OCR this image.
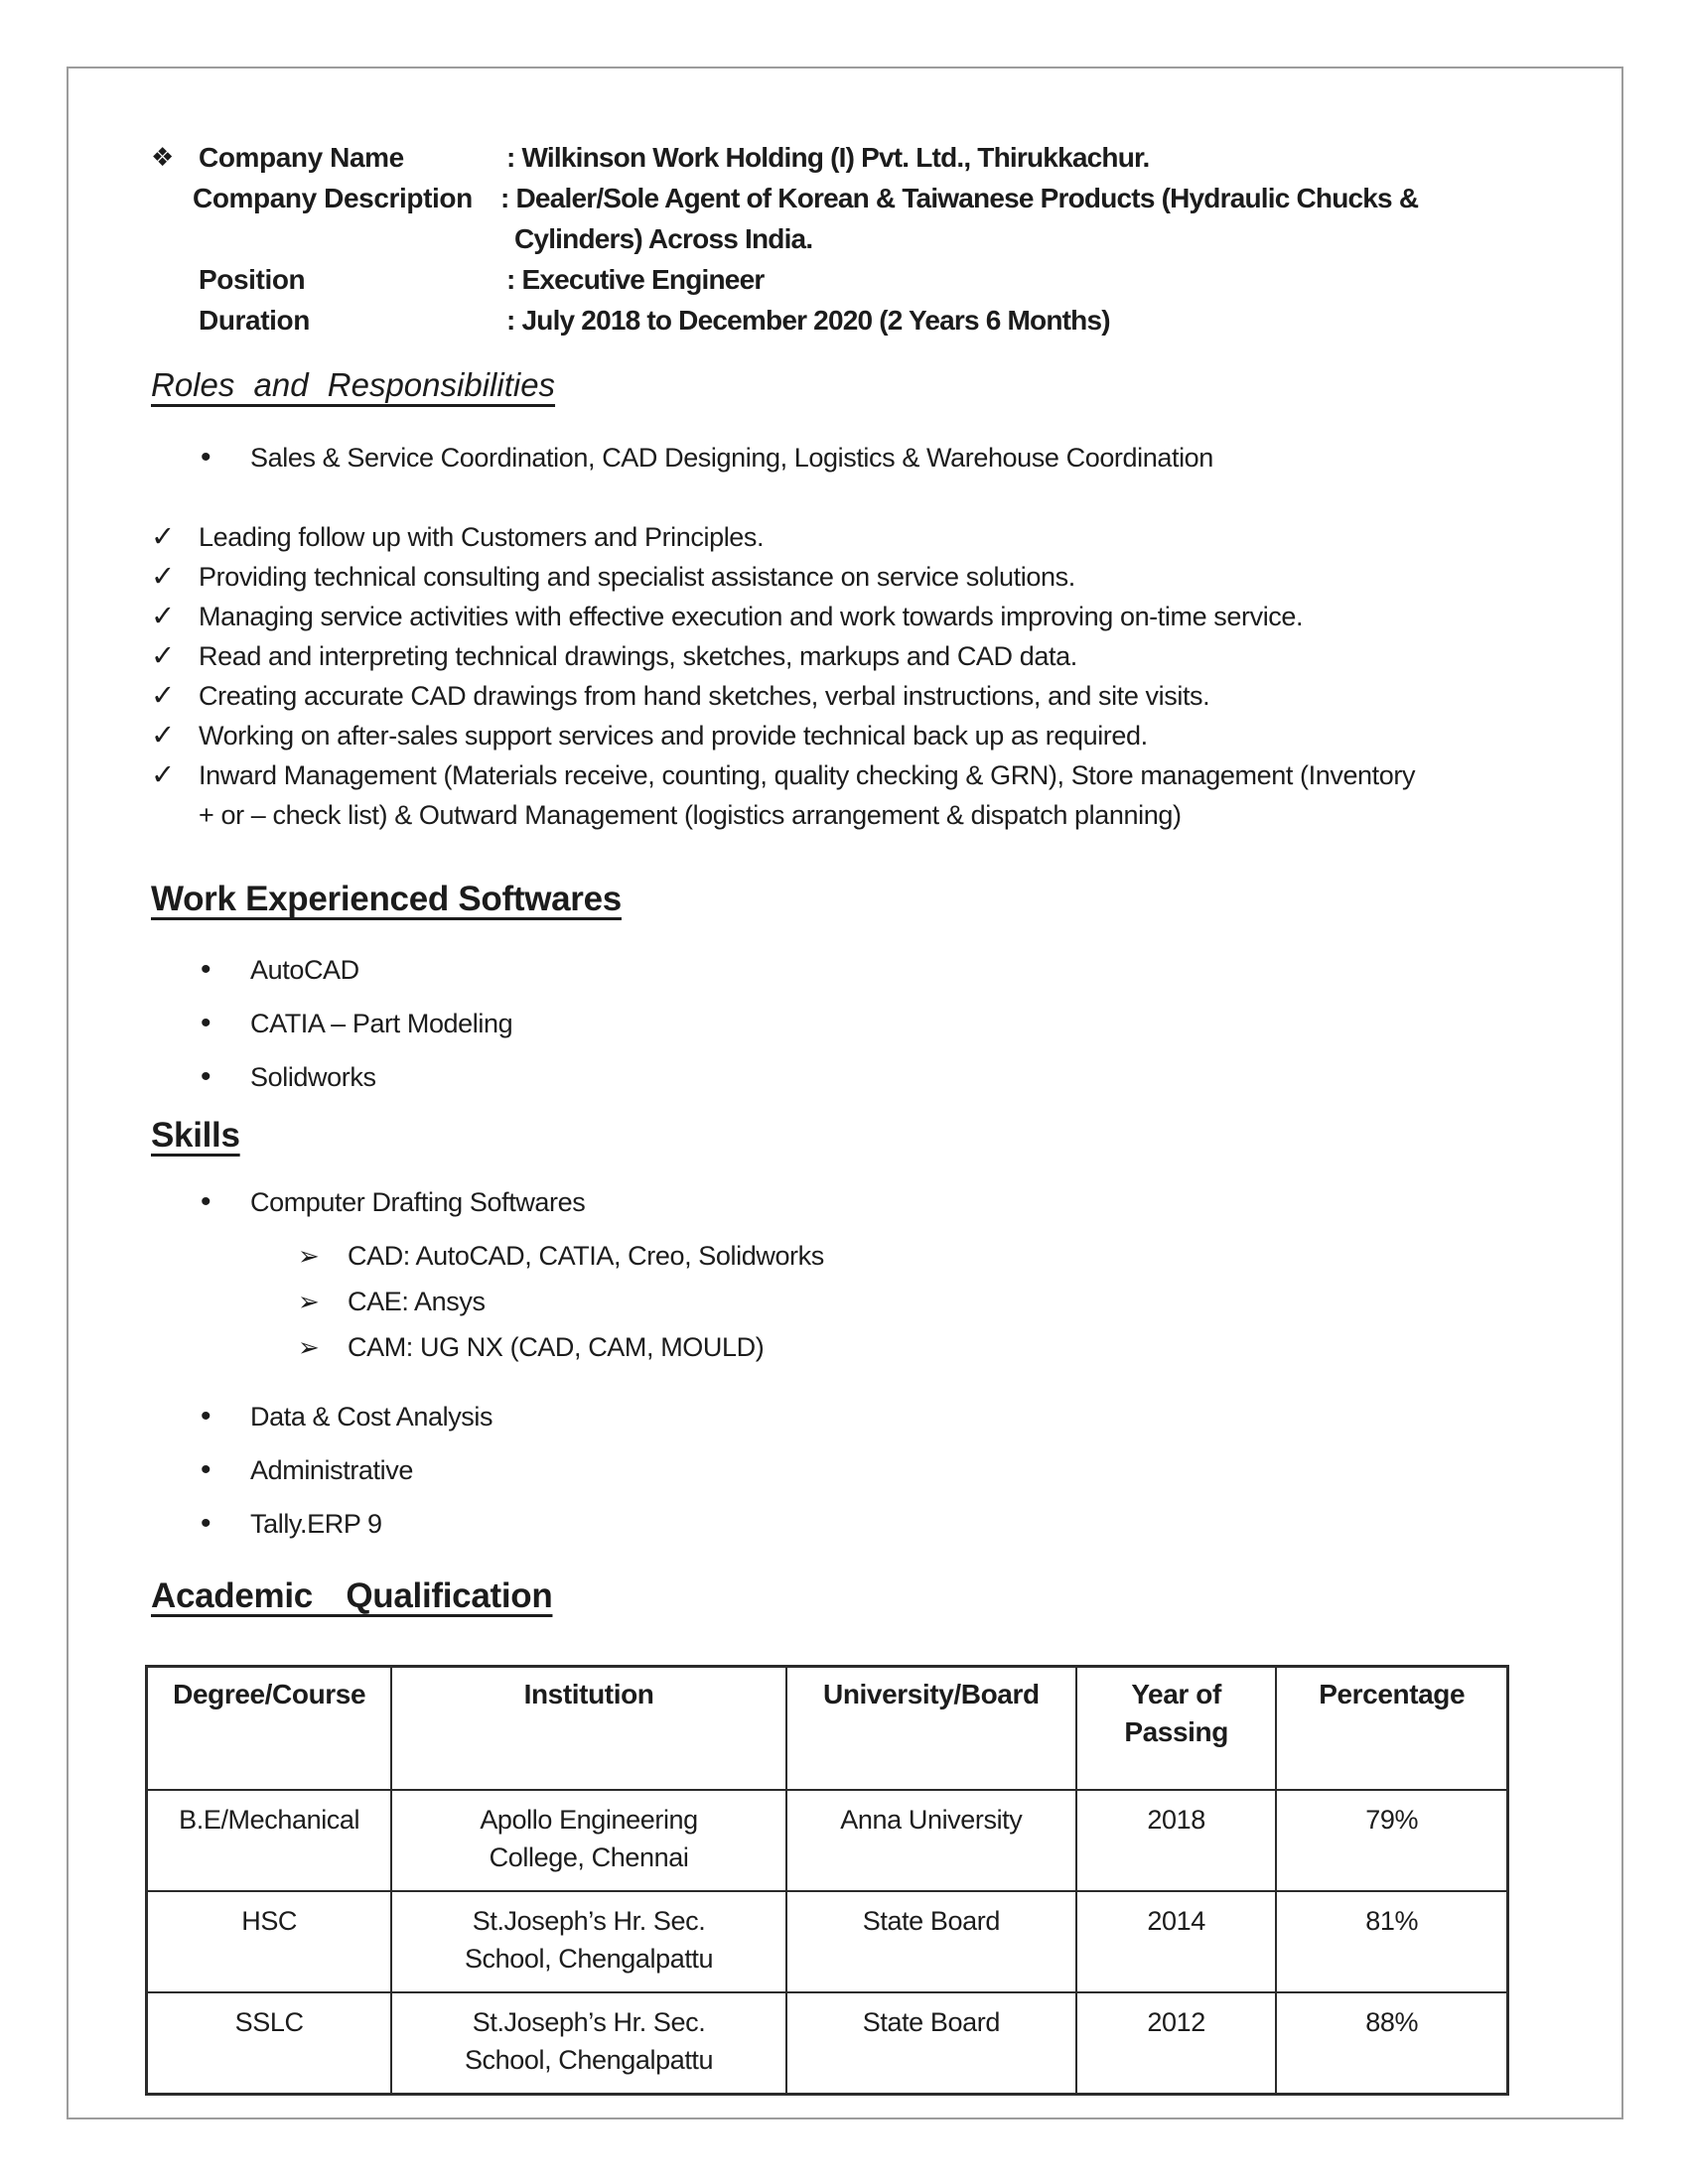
❖ Company Name	: Wilkinson Work Holding (I) Pvt. Ltd., Thirukkachur.
Company Description	: Dealer/Sole Agent of Korean & Taiwanese Products (Hydraulic Chucks & Cylinders) Across India.
Position	: Executive Engineer
Duration	: July 2018 to December 2020 (2 Years 6 Months)
Roles and Responsibilities
•	Sales & Service Coordination, CAD Designing, Logistics & Warehouse Coordination
✓ Leading follow up with Customers and Principles.
✓ Providing technical consulting and specialist assistance on service solutions.
✓ Managing service activities with effective execution and work towards improving on-time service.
✓ Read and interpreting technical drawings, sketches, markups and CAD data.
✓ Creating accurate CAD drawings from hand sketches, verbal instructions, and site visits.
✓ Working on after-sales support services and provide technical back up as required.
✓ Inward Management (Materials receive, counting, quality checking & GRN), Store management (Inventory + or – check list) & Outward Management (logistics arrangement & dispatch planning)
Work Experienced Softwares
•	AutoCAD
•	CATIA – Part Modeling
•	Solidworks
Skills
•	Computer Drafting Softwares
➢	CAD: AutoCAD, CATIA, Creo, Solidworks
➢	CAE: Ansys
➢	CAM: UG NX (CAD, CAM, MOULD)
•	Data & Cost Analysis
•	Administrative
•	Tally.ERP 9
Academic Qualification
Degree/Course	Institution	University/Board	Year of Passing	Percentage
B.E/Mechanical	Apollo Engineering College, Chennai	Anna University	2018	79%
HSC	St.Joseph’s Hr. Sec. School, Chengalpattu	State Board	2014	81%
SSLC	St.Joseph’s Hr. Sec. School, Chengalpattu	State Board	2012	88%
